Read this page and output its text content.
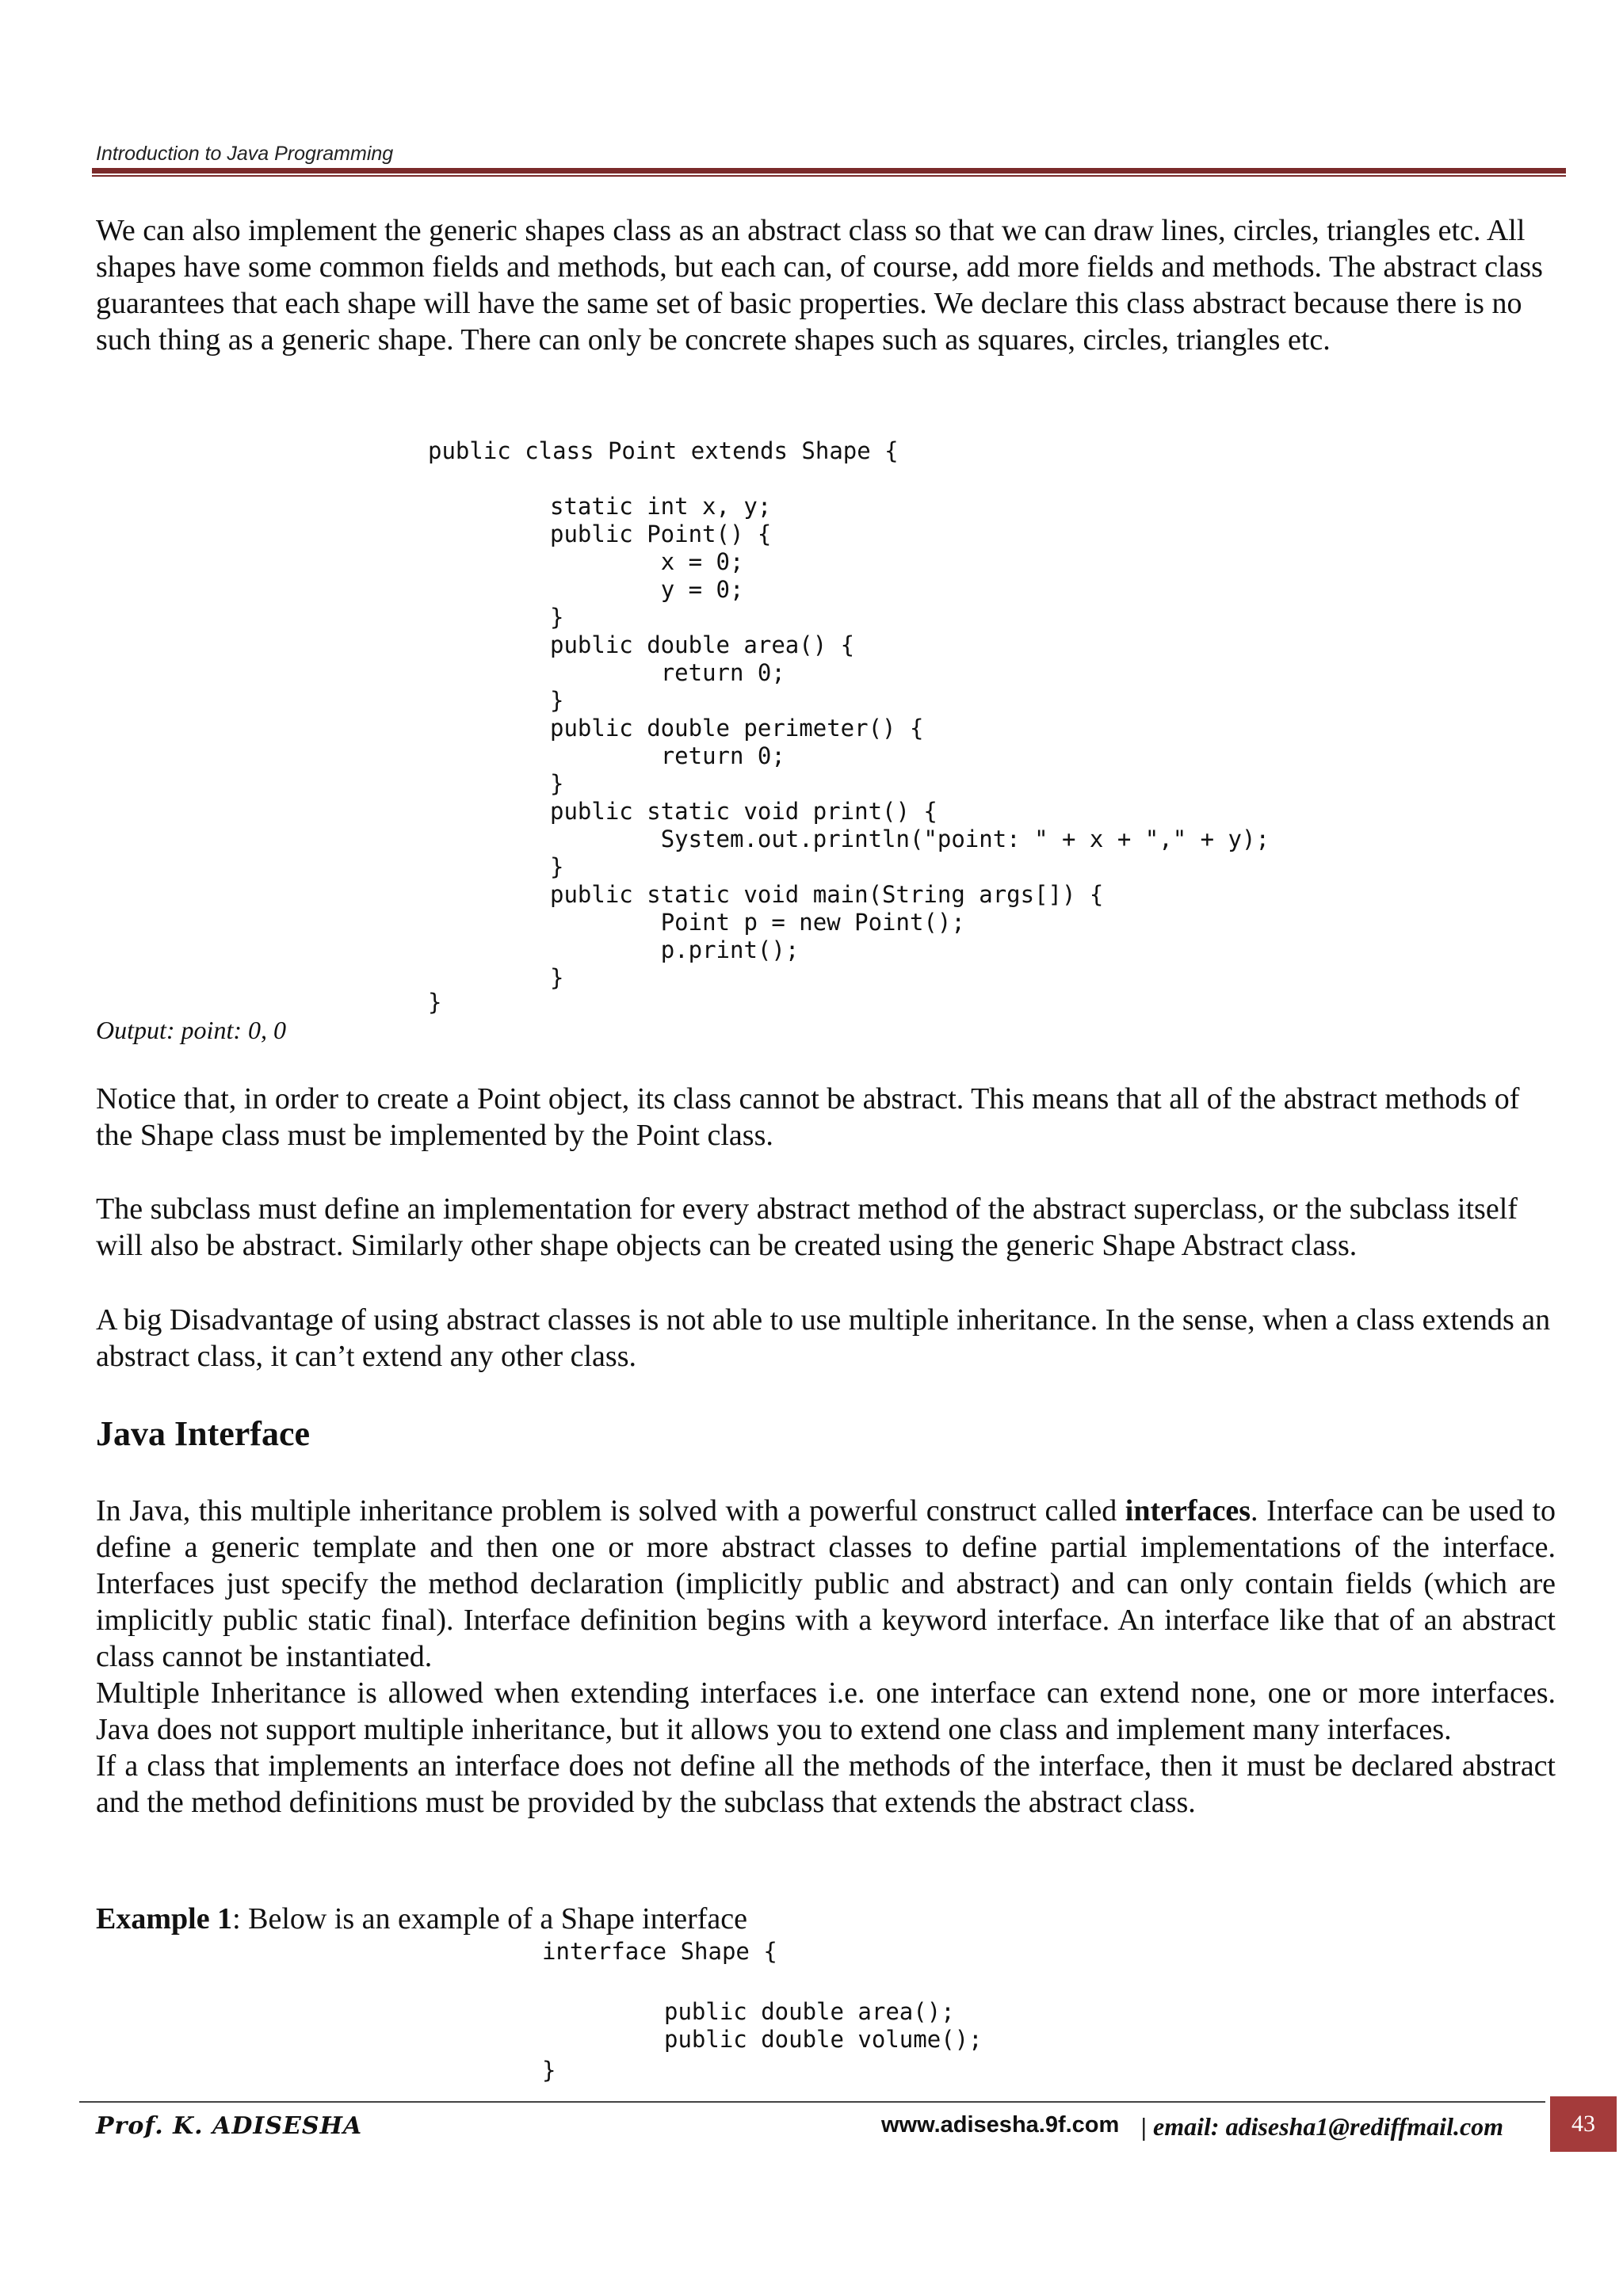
Introduction to Java Programming

We can also implement the generic shapes class as an abstract class so that we can draw lines, circles, triangles etc. All shapes have some common fields and methods, but each can, of course, add more fields and methods. The abstract class guarantees that each shape will have the same set of basic properties. We declare this class abstract because there is no such thing as a generic shape. There can only be concrete shapes such as squares, circles, triangles etc.

public class Point extends Shape {
static int x, y;
public Point() {
		x = 0;
		y = 0;
}
public double area() {
		return 0;
}
public double perimeter() {
		return 0;
}
public static void print() {
		System.out.println("point: " + x + "," + y);
}
public static void main(String args[]) {
		Point p = new Point();
		p.print();
}
}
Output: point: 0, 0

Notice that, in order to create a Point object, its class cannot be abstract. This means that all of the abstract methods of the Shape class must be implemented by the Point class.

The subclass must define an implementation for every abstract method of the abstract superclass, or the subclass itself will also be abstract. Similarly other shape objects can be created using the generic Shape Abstract class.

A big Disadvantage of using abstract classes is not able to use multiple inheritance. In the sense, when a class extends an abstract class, it can’t extend any other class.

Java Interface
In Java, this multiple inheritance problem is solved with a powerful construct called interfaces. Interface can be used to define a generic template and then one or more abstract classes to define partial implementations of the interface. Interfaces just specify the method declaration (implicitly public and abstract) and can only contain fields (which are implicitly public static final). Interface definition begins with a keyword interface. An interface like that of an abstract class cannot be instantiated.
Multiple Inheritance is allowed when extending interfaces i.e. one interface can extend none, one or more interfaces. Java does not support multiple inheritance, but it allows you to extend one class and implement many interfaces.
If a class that implements an interface does not define all the methods of the interface, then it must be declared abstract and the method definitions must be provided by the subclass that extends the abstract class.
Example 1: Below is an example of a Shape interface
interface Shape {
public double area();
public double volume();
}
Prof. K. ADISESHA	www.adisesha.9f.com | email: adisesha1@rediffmail.com	43
